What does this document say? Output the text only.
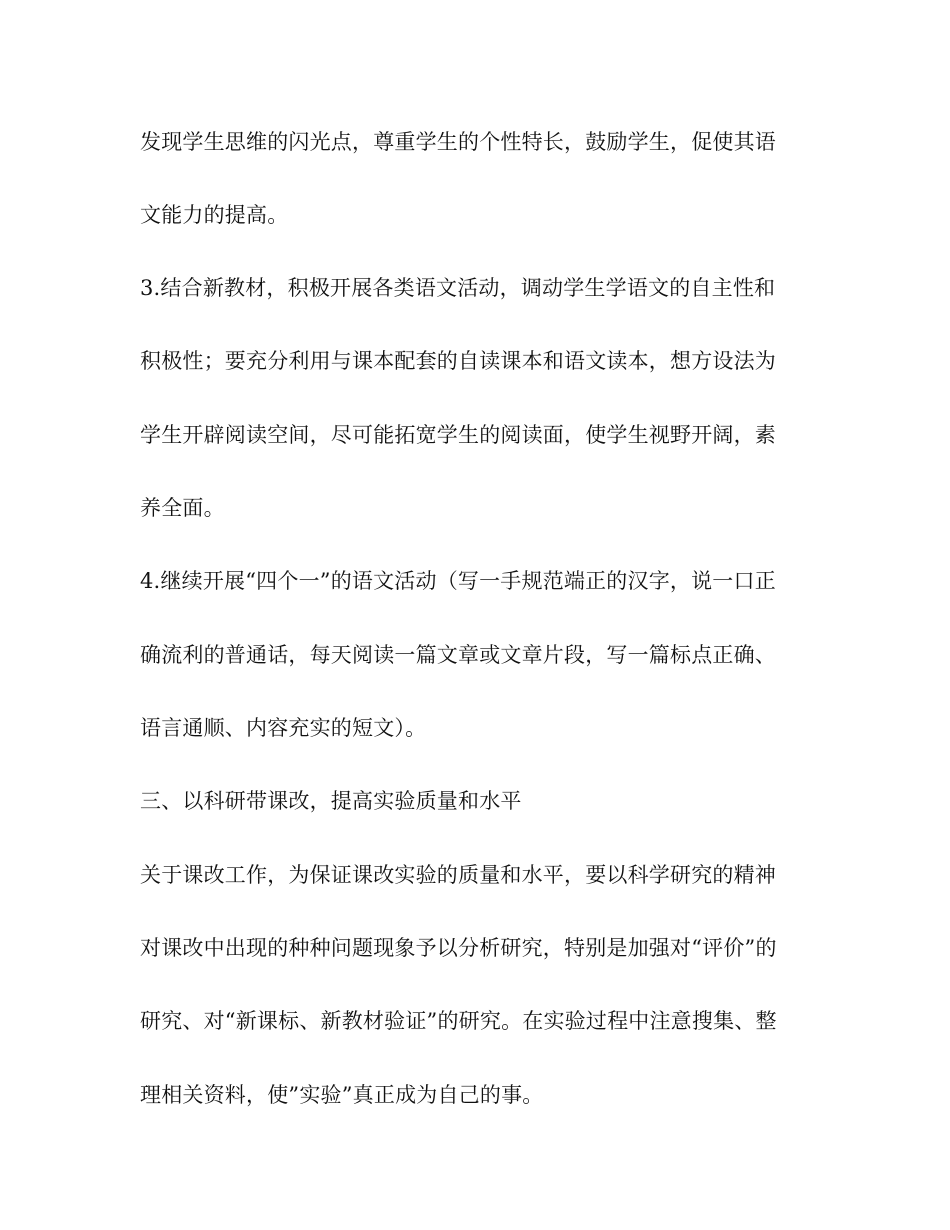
发现学生思维的闪光点，尊重学生的个性特长，鼓励学生，促使其语
文能力的提高。
3.结合新教材，积极开展各类语文活动，调动学生学语文的自主性和
积极性；要充分利用与课本配套的自读课本和语文读本，想方设法为
学生开辟阅读空间，尽可能拓宽学生的阅读面，使学生视野开阔，素
养全面。
4.继续开展“四个一”的语文活动（写一手规范端正的汉字，说一口正
确流利的普通话，每天阅读一篇文章或文章片段，写一篇标点正确、
语言通顺、内容充实的短文）。
三、以科研带课改，提高实验质量和水平
关于课改工作，为保证课改实验的质量和水平，要以科学研究的精神
对课改中出现的种种问题现象予以分析研究，特别是加强对“评价”的
研究、对“新课标、新教材验证”的研究。在实验过程中注意搜集、整
理相关资料，使”实验”真正成为自己的事。
